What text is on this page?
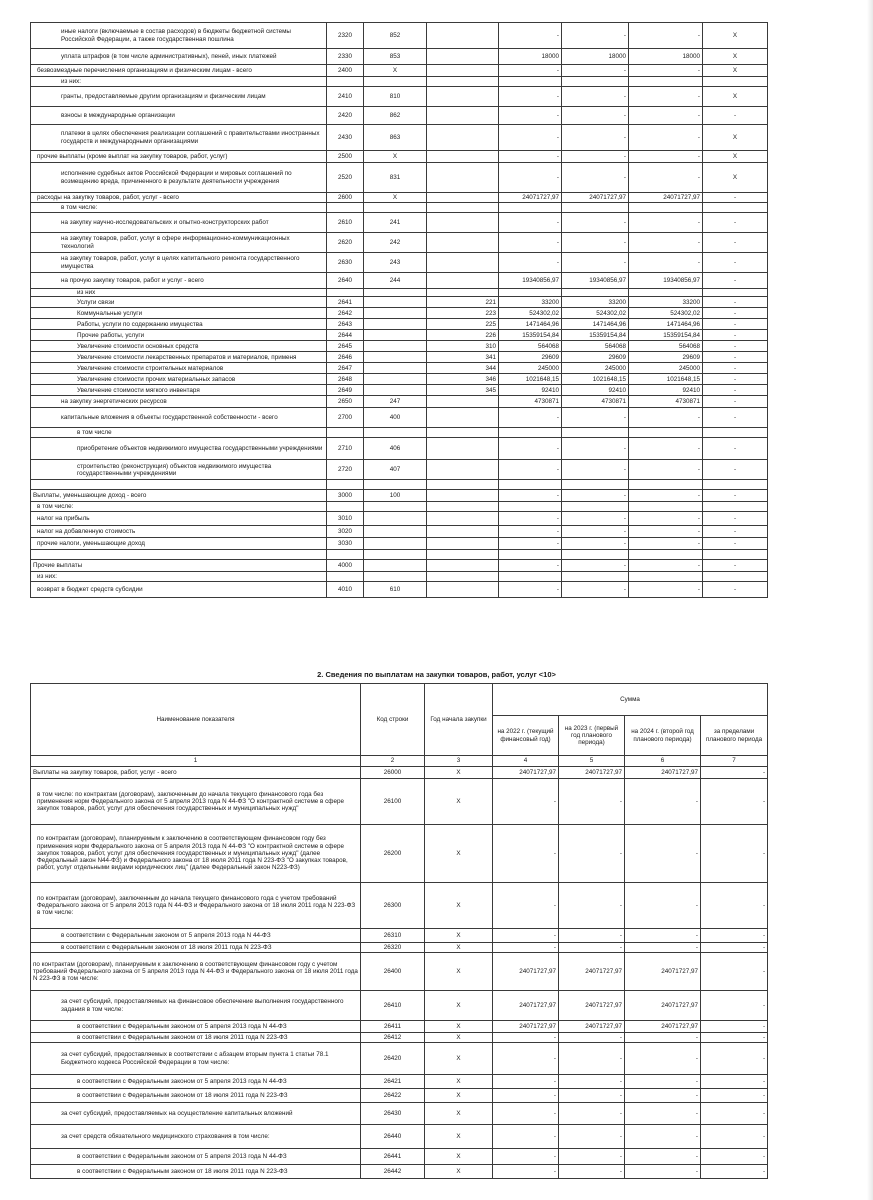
иные налоги (включаемые в состав расходов) в бюджеты бюджетной системы Российской Федерации, а также государственная пошлина	2320	852		-	-	-	X
уплата штрафов (в том числе административных), пеней, иных платежей	2330	853		18000	18000	18000	X
безвозмездные перечисления организациям и физическим лицам - всего	2400	X		-	-	-	X
из них:							
гранты, предоставляемые другим организациям и физическим лицам	2410	810		-	-	-	X
взносы в международные организации	2420	862		-	-	-	-
платежи в целях обеспечения реализации соглашений с правительствами иностранных государств и международными организациями	2430	863		-	-	-	X
прочие выплаты (кроме выплат на закупку товаров, работ, услуг)	2500	X		-	-	-	X
исполнение судебных актов Российской Федерации и мировых соглашений по возмещению вреда, причиненного в результате деятельности учреждения	2520	831		-	-	-	X
расходы на закупку товаров, работ, услуг - всего	2600	X		24071727,97	24071727,97	24071727,97	-
в том числе:							
на закупку научно-исследовательских и опытно-конструкторских работ	2610	241		-	-	-	-
на закупку товаров, работ, услуг в сфере информационно-коммуникационных технологий	2620	242		-	-	-	-
на закупку товаров, работ, услуг в целях капитального ремонта государственного имущества	2630	243		-	-	-	-
на прочую закупку товаров, работ и услуг - всего	2640	244		19340856,97	19340856,97	19340856,97	-
из них							
Услуги связи	2641		221	33200	33200	33200	-
Коммунальные услуги	2642		223	524302,02	524302,02	524302,02	-
Работы, услуги по содержанию имущества	2643		225	1471464,96	1471464,96	1471464,96	-
Прочие работы, услуги	2644		226	15359154,84	15359154,84	15359154,84	-
Увеличение стоимости основных средств	2645		310	564068	564068	564068	-
Увеличение стоимости лекарственных препаратов и материалов, применя	2646		341	29609	29609	29609	-
Увеличение стоимости строительных материалов	2647		344	245000	245000	245000	-
Увеличение стоимости прочих материальных запасов	2648		346	1021648,15	1021648,15	1021648,15	-
Увеличение стоимости мягкого инвентаря	2649		345	92410	92410	92410	-
на закупку энергетических ресурсов	2650	247		4730871	4730871	4730871	-
капитальные вложения в объекты государственной собственности - всего	2700	400		-	-	-	-
в том числе							
приобретение объектов недвижимого имущества государственными учреждениями	2710	406		-	-	-	-
строительство (реконструкция) объектов недвижимого имущества государственными учреждениями	2720	407		-	-	-	-

Выплаты, уменьшающие доход - всего	3000	100		-	-	-	-
в том числе:							
налог на прибыль	3010			-	-	-	-
налог на добавленную стоимость	3020			-	-	-	-
прочие налоги, уменьшающие доход	3030			-	-	-	-

Прочие выплаты	4000			-	-	-	-
из них:							
возврат в бюджет средств субсидии	4010	610		-	-	-	-
2. Сведения по выплатам на закупки товаров, работ, услуг <10>
Наименование показателя	Код строки	Год начала закупки	Сумма			
			на 2022 г. (текущий финансовый год)	на 2023 г. (первый год планового периода)	на 2024 г. (второй год планового периода)	за пределами планового периода
1	2	3	4	5	6	7
Выплаты на закупку товаров, работ, услуг - всего	26000	X	24071727,97	24071727,97	24071727,97	-
в том числе: по контрактам (договорам), заключенным до начала текущего финансового года без применения норм Федерального закона от 5 апреля 2013 года N 44-ФЗ "О контрактной системе в сфере закупок товаров, работ, услуг для обеспечения государственных и муниципальных нужд"	26100	X	-	-	-	-
по контрактам (договорам), планируемым к заключению в соответствующем финансовом году без применения норм Федерального закона от 5 апреля 2013 года N 44-ФЗ "О контрактной системе в сфере закупок товаров, работ, услуг для обеспечения государственных и муниципальных нужд" (далее Федеральный закон N44-ФЗ) и Федерального закона от 18 июля 2011 года N 223-ФЗ "О закупках товаров, работ, услуг отдельными видами юридических лиц" (далее Федеральный закон N223-ФЗ)	26200	X	-	-	-	-
по контрактам (договорам), заключенным до начала текущего финансового года с учетом требований Федерального закона от 5 апреля 2013 года N 44-ФЗ и Федерального закона от 18 июля 2011 года N 223-ФЗ в том числе:	26300	X	-	-	-	-
в соответствии с Федеральным законом от 5 апреля 2013 года N 44-ФЗ	26310	X	-	-	-	-
в соответствии с Федеральным законом от 18 июля 2011 года N 223-ФЗ	26320	X	-	-	-	-
по контрактам (договорам), планируемым к заключению в соответствующем финансовом году с учетом требований Федерального закона от 5 апреля 2013 года N 44-ФЗ и Федерального закона от 18 июля 2011 года N 223-ФЗ в том числе:	26400	X	24071727,97	24071727,97	24071727,97	-
за счет субсидий, предоставляемых на финансовое обеспечение выполнения государственного задания в том числе:	26410	X	24071727,97	24071727,97	24071727,97	-
в соответствии с Федеральным законом от 5 апреля 2013 года N 44-ФЗ	26411	X	24071727,97	24071727,97	24071727,97	-
в соответствии с Федеральным законом от 18 июля 2011 года N 223-ФЗ	26412	X	-	-	-	-
за счет субсидий, предоставляемых в соответствии с абзацем вторым пункта 1 статьи 78.1 Бюджетного кодекса Российской Федерации в том числе:	26420	X	-	-	-	-
в соответствии с Федеральным законом от 5 апреля 2013 года N 44-ФЗ	26421	X	-	-	-	-
в соответствии с Федеральным законом от 18 июля 2011 года N 223-ФЗ	26422	X	-	-	-	-
за счет субсидий, предоставляемых на осуществление капитальных вложений	26430	X	-	-	-	-
за счет средств обязательного медицинского страхования в том числе:	26440	X	-	-	-	-
в соответствии с Федеральным законом от 5 апреля 2013 года N 44-ФЗ	26441	X	-	-	-	-
в соответствии с Федеральным законом от 18 июля 2011 года N 223-ФЗ	26442	X	-	-	-	-
